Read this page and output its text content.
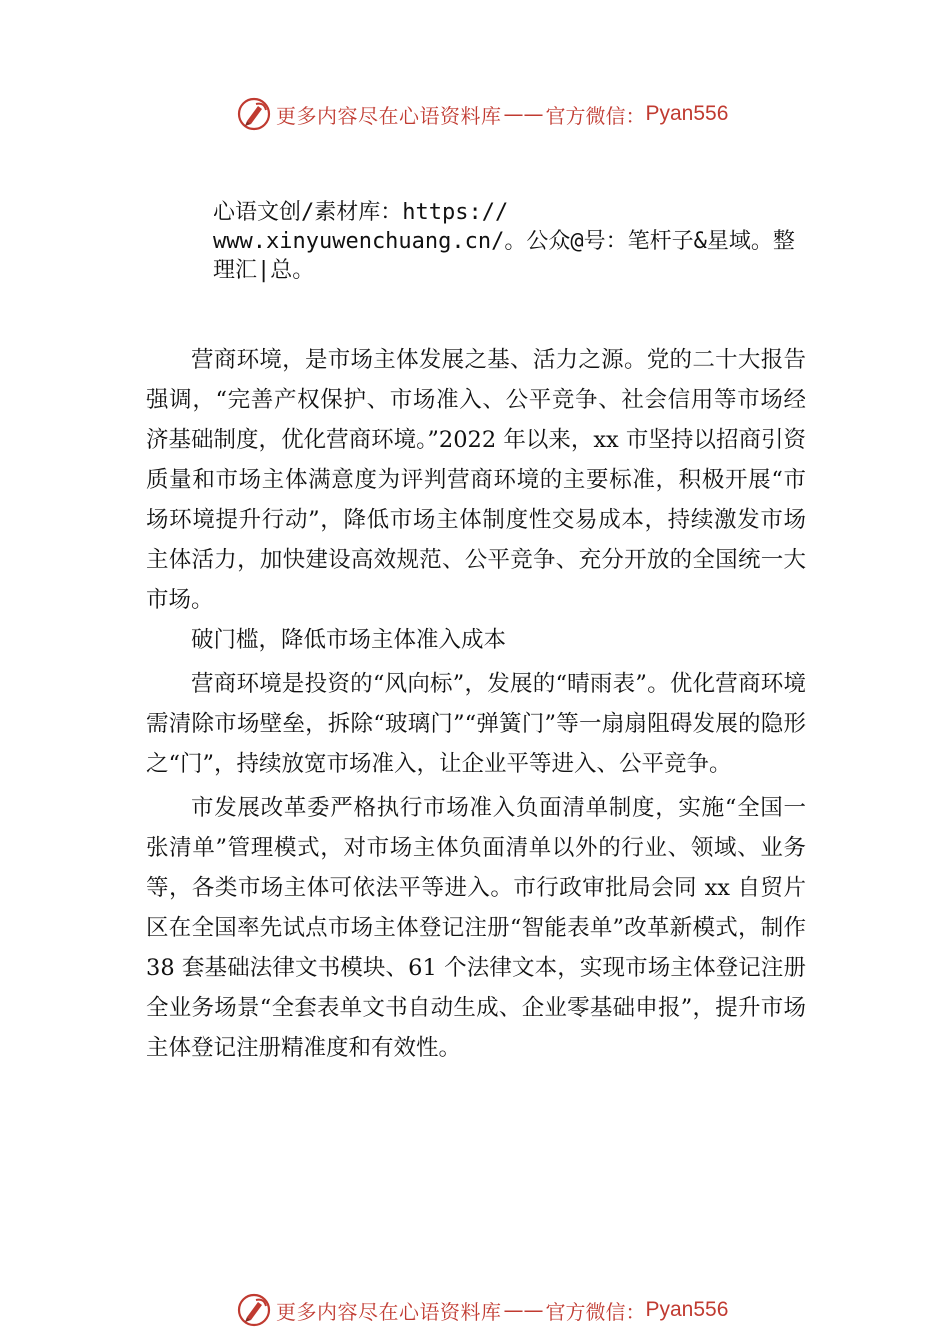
更多内容尽在心语资料库 —— 官方微信： Pyan556
心语文创/素材库：https://
www.xinyuwenchuang.cn/。公众@号：笔杆子&星域。整
理汇|总。

营商环境，是市场主体发展之基、活力之源。党的二十大报告强调，“完善产权保护、市场准入、公平竞争、社会信用等市场经济基础制度，优化营商环境。”2022 年以来，xx 市坚持以招商引资质量和市场主体满意度为评判营商环境的主要标准，积极开展“市场环境提升行动”，降低市场主体制度性交易成本，持续激发市场主体活力，加快建设高效规范、公平竞争、充分开放的全国统一大市场。

破门槛，降低市场主体准入成本

营商环境是投资的“风向标”，发展的“晴雨表”。优化营商环境需清除市场壁垒，拆除“玻璃门”“弹簧门”等一扇扇阻碍发展的隐形之“门”，持续放宽市场准入，让企业平等进入、公平竞争。

市发展改革委严格执行市场准入负面清单制度，实施“全国一张清单”管理模式，对市场主体负面清单以外的行业、领域、业务等，各类市场主体可依法平等进入。市行政审批局会同 xx 自贸片区在全国率先试点市场主体登记注册“智能表单”改革新模式，制作 38 套基础法律文书模块、61 个法律文本，实现市场主体登记注册全业务场景“全套表单文书自动生成、企业零基础申报”，提升市场主体登记注册精准度和有效性。

更多内容尽在心语资料库 —— 官方微信： Pyan556
